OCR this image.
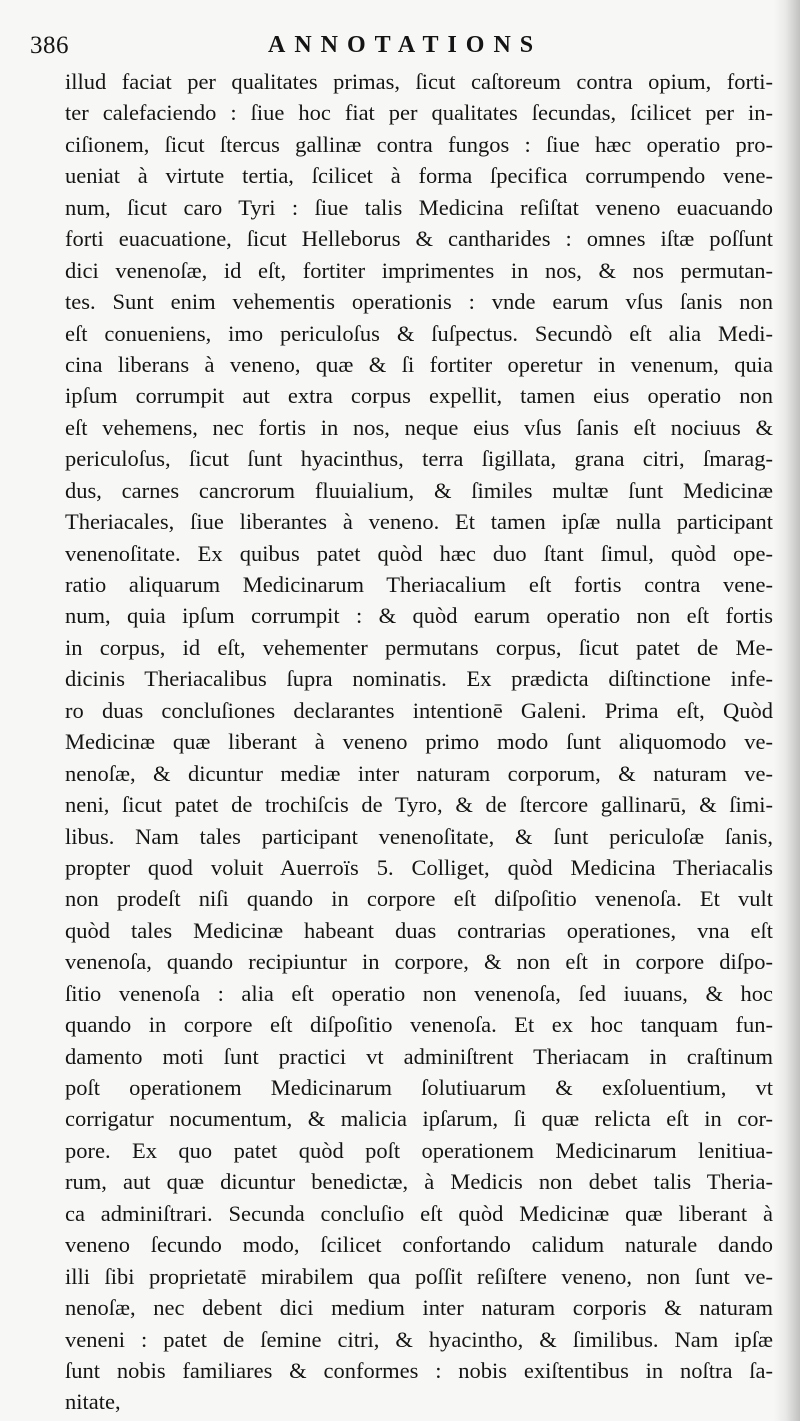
386	ANNOTATIONS
illud faciat per qualitates primas, ſicut caſtoreum contra opium, forti-
ter calefaciendo : ſiue hoc fiat per qualitates ſecundas, ſcilicet per in-
ciſionem, ſicut ſtercus gallinæ contra fungos : ſiue hæc operatio pro-
ueniat à virtute tertia, ſcilicet à forma ſpecifica corrumpendo vene-
num, ſicut caro Tyri : ſiue talis Medicina reſiſtat veneno euacuando
forti euacuatione, ſicut Helleborus & cantharides : omnes iſtæ poſſunt
dici venenoſæ, id eſt, fortiter imprimentes in nos, & nos permutan-
tes. Sunt enim vehementis operationis : vnde earum vſus ſanis non
eſt conueniens, imo periculoſus & ſuſpectus. Secundò eſt alia Medi-
cina liberans à veneno, quæ & ſi fortiter operetur in venenum, quia
ipſum corrumpit aut extra corpus expellit, tamen eius operatio non
eſt vehemens, nec fortis in nos, neque eius vſus ſanis eſt nociuus &
periculoſus, ſicut ſunt hyacinthus, terra ſigillata, grana citri, ſmarag-
dus, carnes cancrorum fluuialium, & ſimiles multæ ſunt Medicinæ
Theriacales, ſiue liberantes à veneno. Et tamen ipſæ nulla participant
venenoſitate. Ex quibus patet quòd hæc duo ſtant ſimul, quòd ope-
ratio aliquarum Medicinarum Theriacalium eſt fortis contra vene-
num, quia ipſum corrumpit : & quòd earum operatio non eſt fortis
in corpus, id eſt, vehementer permutans corpus, ſicut patet de Me-
dicinis Theriacalibus ſupra nominatis. Ex prædicta diſtinctione infe-
ro duas concluſiones declarantes intentionē Galeni. Prima eſt, Quòd
Medicinæ quæ liberant à veneno primo modo ſunt aliquomodo ve-
nenoſæ, & dicuntur mediæ inter naturam corporum, & naturam ve-
neni, ſicut patet de trochiſcis de Tyro, & de ſtercore gallinarū, & ſimi-
libus. Nam tales participant venenoſitate, & ſunt periculoſæ ſanis,
propter quod voluit Auerroïs 5. Colliget, quòd Medicina Theriacalis
non prodeſt niſi quando in corpore eſt diſpoſitio venenoſa. Et vult
quòd tales Medicinæ habeant duas contrarias operationes, vna eſt
venenoſa, quando recipiuntur in corpore, & non eſt in corpore diſpo-
ſitio venenoſa : alia eſt operatio non venenoſa, ſed iuuans, & hoc
quando in corpore eſt diſpoſitio venenoſa. Et ex hoc tanquam fun-
damento moti ſunt practici vt adminiſtrent Theriacam in craſtinum
poſt operationem Medicinarum ſolutiuarum & exſoluentium, vt
corrigatur nocumentum, & malicia ipſarum, ſi quæ relicta eſt in cor-
pore. Ex quo patet quòd poſt operationem Medicinarum lenitiua-
rum, aut quæ dicuntur benedictæ, à Medicis non debet talis Theria-
ca adminiſtrari. Secunda concluſio eſt quòd Medicinæ quæ liberant à
veneno ſecundo modo, ſcilicet confortando calidum naturale dando
illi ſibi proprietatē mirabilem qua poſſit reſiſtere veneno, non ſunt ve-
nenoſæ, nec debent dici medium inter naturam corporis & naturam
veneni : patet de ſemine citri, & hyacintho, & ſimilibus. Nam ipſæ
ſunt nobis familiares & conformes : nobis exiſtentibus in noſtra ſa-
nitate,
